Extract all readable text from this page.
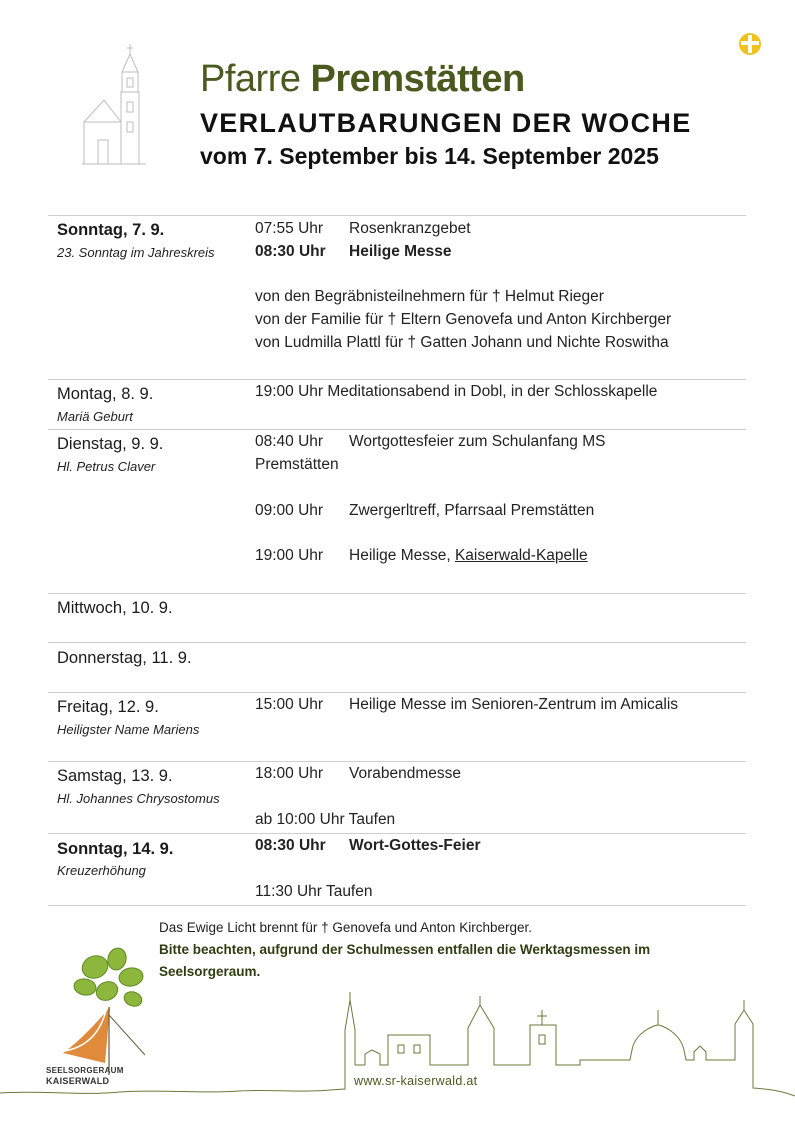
Pfarre Premstätten
VERLAUTBARUNGEN DER WOCHE
vom 7. September bis 14. September 2025
Sonntag, 7. 9.
23. Sonntag im Jahreskreis
07:55 Uhr Rosenkranzgebet
08:30 Uhr Heilige Messe
von den Begräbnisteilnehmern für † Helmut Rieger
von der Familie für † Eltern Genovefa und Anton Kirchberger
von Ludmilla Plattl für † Gatten Johann und Nichte Roswitha
Montag, 8. 9.
Mariä Geburt
19:00 Uhr Meditationsabend in Dobl, in der Schlosskapelle
Dienstag, 9. 9.
Hl. Petrus Claver
08:40 Uhr Wortgottesfeier zum Schulanfang MS
Premstätten
09:00 Uhr Zwergerltreff, Pfarrsaal Premstätten
19:00 Uhr Heilige Messe, Kaiserwald-Kapelle
Mittwoch, 10. 9.
Donnerstag, 11. 9.
Freitag, 12. 9.
Heiligster Name Mariens
15:00 Uhr Heilige Messe im Senioren-Zentrum im Amicalis
Samstag, 13. 9.
Hl. Johannes Chrysostomus
18:00 Uhr Vorabendmesse
ab 10:00 Uhr Taufen
Sonntag, 14. 9.
Kreuzerhöhung
08:30 Uhr Wort-Gottes-Feier
11:30 Uhr Taufen
Das Ewige Licht brennt für † Genovefa und Anton Kirchberger.
Bitte beachten, aufgrund der Schulmessen entfallen die Werktagsmessen im
Seelsorgeraum.
SEELSORGERAUM
KAISERWALD	www.sr-kaiserwald.at
